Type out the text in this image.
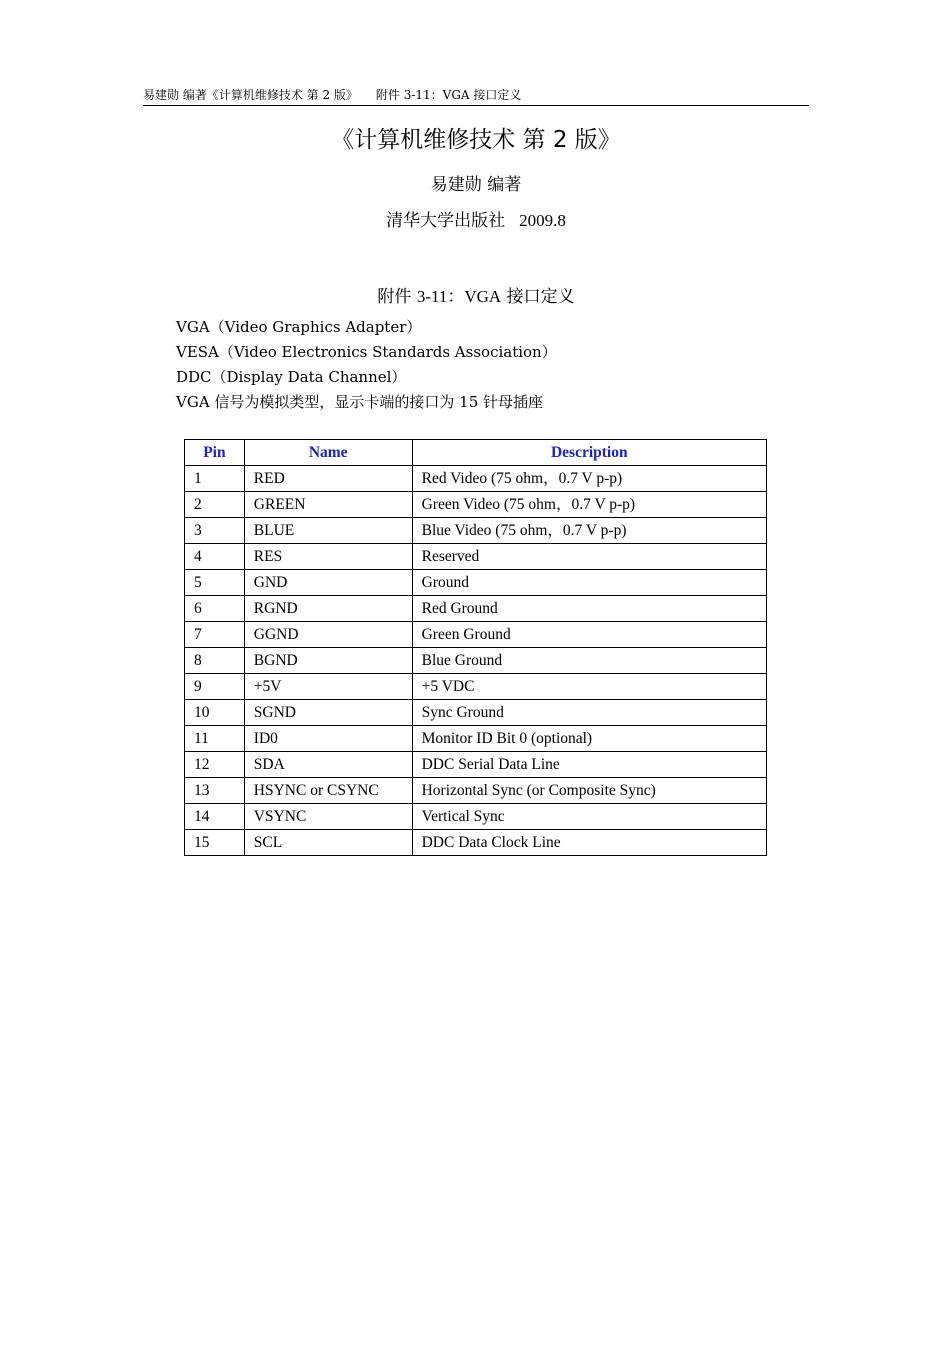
易建勋 编著《计算机维修技术 第 2 版》　　附件 3-11：VGA 接口定义
《计算机维修技术 第 2 版》
易建勋 编著
清华大学出版社 2009.8
附件 3-11：VGA 接口定义
VGA（Video Graphics Adapter）
VESA（Video Electronics Standards Association）
DDC（Display Data Channel）
VGA 信号为模拟类型，显示卡端的接口为 15 针母插座
Pin	Name	Description
1	RED	Red Video (75 ohm，0.7 V p-p)
2	GREEN	Green Video (75 ohm，0.7 V p-p)
3	BLUE	Blue Video (75 ohm，0.7 V p-p)
4	RES	Reserved
5	GND	Ground
6	RGND	Red Ground
7	GGND	Green Ground
8	BGND	Blue Ground
9	+5V	+5 VDC
10	SGND	Sync Ground
11	ID0	Monitor ID Bit 0 (optional)
12	SDA	DDC Serial Data Line
13	HSYNC or CSYNC	Horizontal Sync (or Composite Sync)
14	VSYNC	Vertical Sync
15	SCL	DDC Data Clock Line
